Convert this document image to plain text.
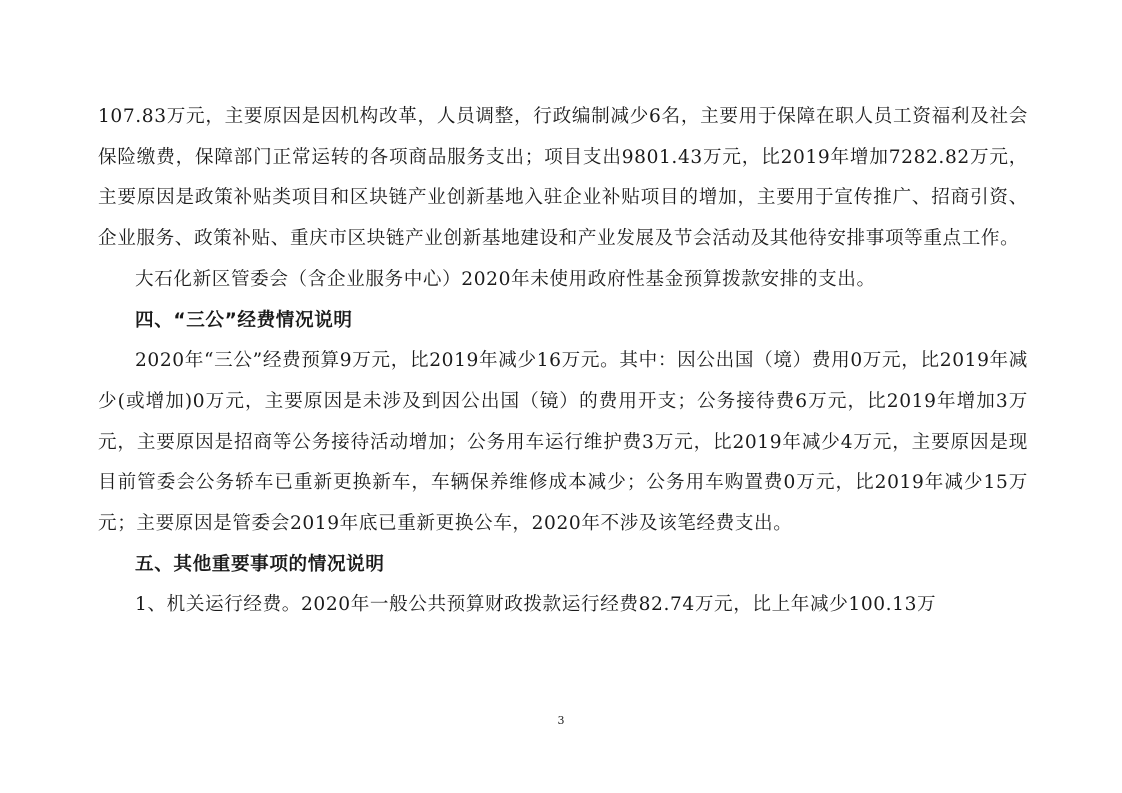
107.83万元，主要原因是因机构改革，人员调整，行政编制减少6名，主要用于保障在职人员工资福利及社会保险缴费，保障部门正常运转的各项商品服务支出；项目支出9801.43万元，比2019年增加7282.82万元，主要原因是政策补贴类项目和区块链产业创新基地入驻企业补贴项目的增加，主要用于宣传推广、招商引资、企业服务、政策补贴、重庆市区块链产业创新基地建设和产业发展及节会活动及其他待安排事项等重点工作。

大石化新区管委会（含企业服务中心）2020年未使用政府性基金预算拨款安排的支出。

四、“三公”经费情况说明

2020年“三公”经费预算9万元，比2019年减少16万元。其中：因公出国（境）费用0万元，比2019年减少(或增加)0万元，主要原因是未涉及到因公出国（镜）的费用开支；公务接待费6万元，比2019年增加3万元，主要原因是招商等公务接待活动增加；公务用车运行维护费3万元，比2019年减少4万元，主要原因是现目前管委会公务轿车已重新更换新车，车辆保养维修成本减少；公务用车购置费0万元，比2019年减少15万元；主要原因是管委会2019年底已重新更换公车，2020年不涉及该笔经费支出。

五、其他重要事项的情况说明

1、机关运行经费。2020年一般公共预算财政拨款运行经费82.74万元，比上年减少100.13万

3
